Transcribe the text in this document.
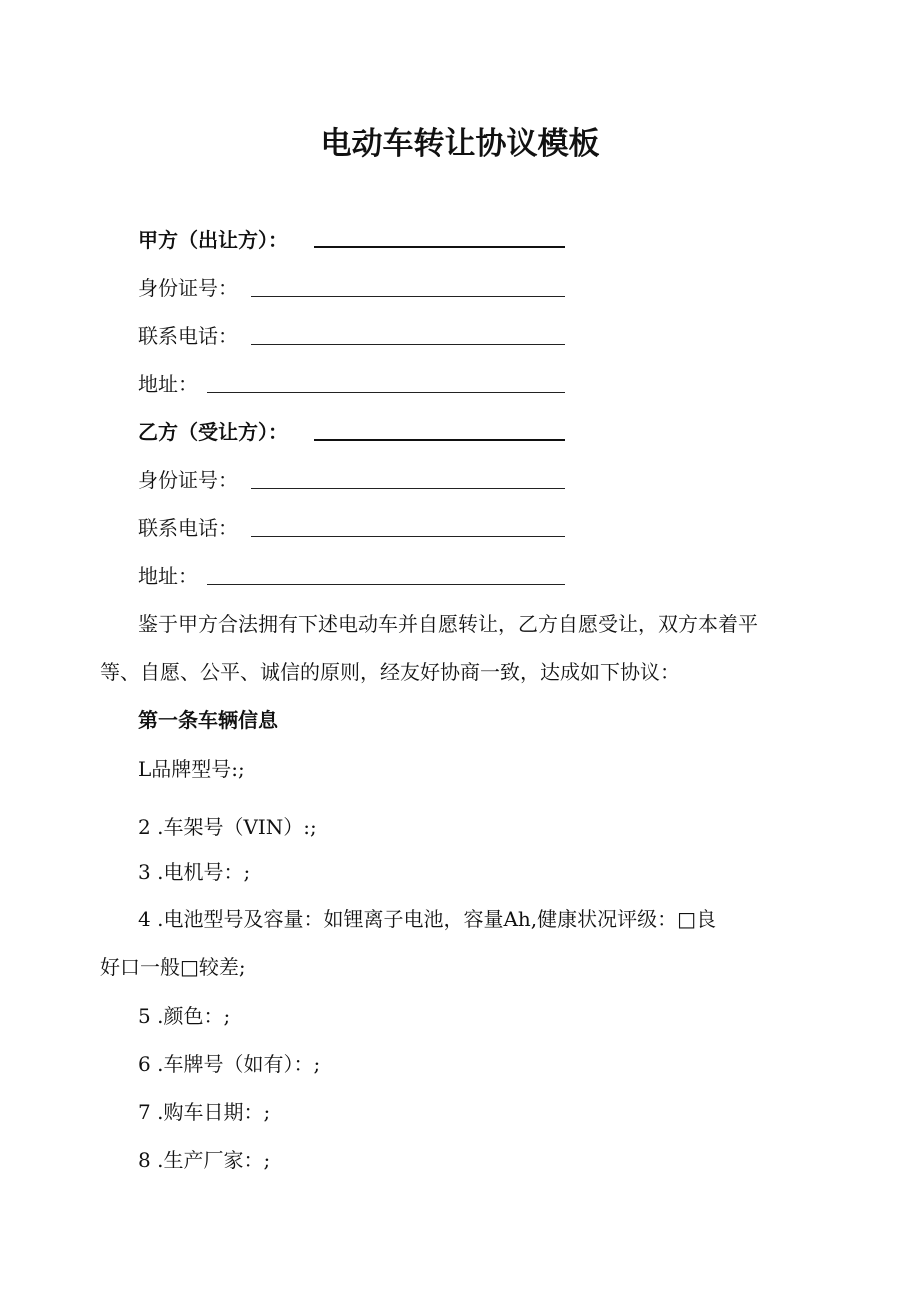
电动车转让协议模板
甲方（出让方）：
身份证号：
联系电话：
地址：
乙方（受让方）：
身份证号：
联系电话：
地址：
鉴于甲方合法拥有下述电动车并自愿转让，乙方自愿受让，双方本着平
等、自愿、公平、诚信的原则，经友好协商一致，达成如下协议：
第一条车辆信息
L品牌型号:;
2 .车架号（VIN）:;
3 .电机号：;
4 .电池型号及容量：如锂离子电池，容量Ah,健康状况评级：□良
好口一般□较差;
5 .颜色：;
6 .车牌号（如有）：;
7 .购车日期：;
8 .生产厂家：;
